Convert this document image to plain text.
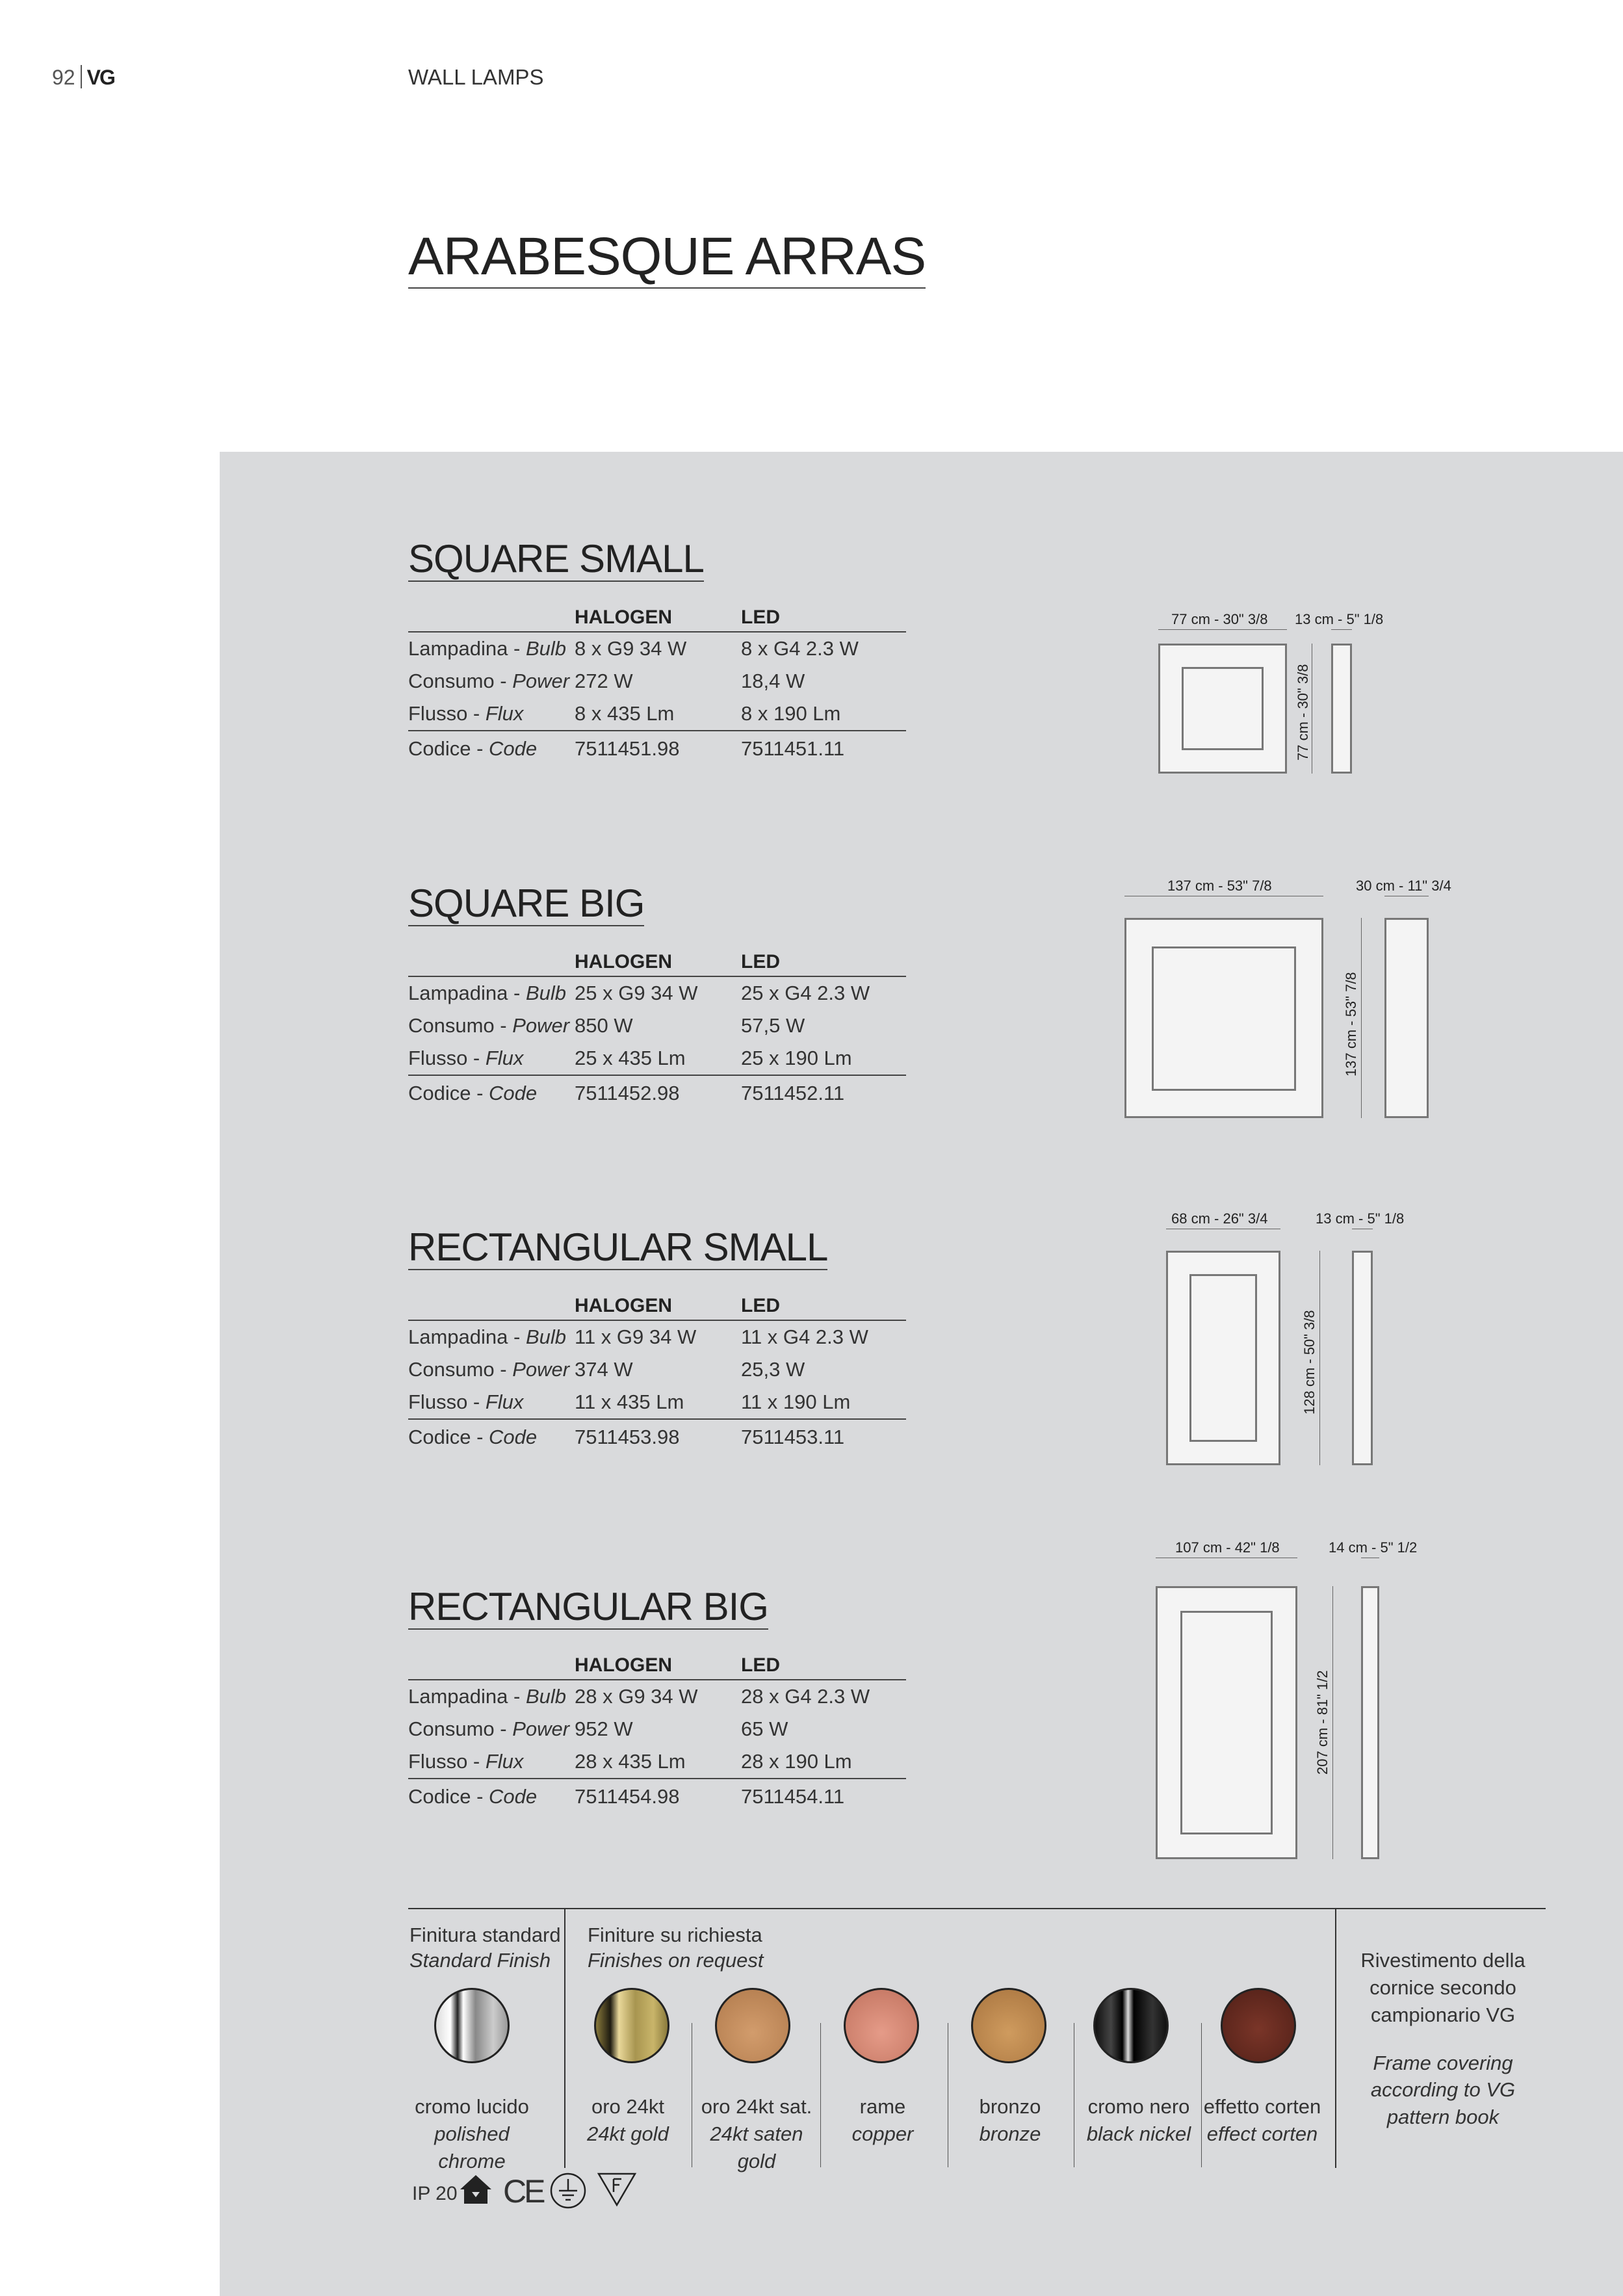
92 VG	WALL LAMPS
ARABESQUE ARRAS
SQUARE SMALL
HALOGEN	LED
Lampadina - Bulb 8 x G9 34 W	8 x G4 2.3 W
Consumo - Power 272 W	18,4 W
Flusso - Flux	8 x 435 Lm	8 x 190 Lm
Codice - Code	7511451.98	7511451.11
SQUARE BIG
HALOGEN	LED
Lampadina - Bulb 25 x G9 34 W	25 x G4 2.3 W
Consumo - Power 850 W	57,5 W
Flusso - Flux	25 x 435 Lm	25 x 190 Lm
Codice - Code	7511452.98	7511452.11
RECTANGULAR SMALL
HALOGEN	LED
Lampadina - Bulb 11 x G9 34 W	11 x G4 2.3 W
Consumo - Power 374 W	25,3 W
Flusso - Flux	11 x 435 Lm	11 x 190 Lm
Codice - Code	7511453.98	7511453.11
RECTANGULAR BIG
HALOGEN	LED
Lampadina - Bulb 28 x G9 34 W	28 x G4 2.3 W
Consumo - Power 952 W	65 W
Flusso - Flux	28 x 435 Lm	28 x 190 Lm
Codice - Code	7511454.98	7511454.11
77 cm - 30" 3/8 13 cm - 5" 1/8
77 cm - 30" 3/8
137 cm - 53" 7/8	30 cm - 11" 3/4
137 cm - 53" 7/8
68 cm - 26" 3/4	13 cm - 5" 1/8
128 cm - 50" 3/8
107 cm - 42" 1/8	14 cm - 5" 1/2
207 cm - 81" 1/2
Finitura standard
Standard Finish
Finiture su richiesta
Finishes on request
cromo lucido
polished chrome
oro 24kt
24kt gold
oro 24kt sat.
24kt saten gold
rame
copper
bronzo
bronze
cromo nero
black nickel
effetto corten
effect corten
Rivestimento della cornice secondo campionario VG
Frame covering according to VG pattern book
IP 20 CE
